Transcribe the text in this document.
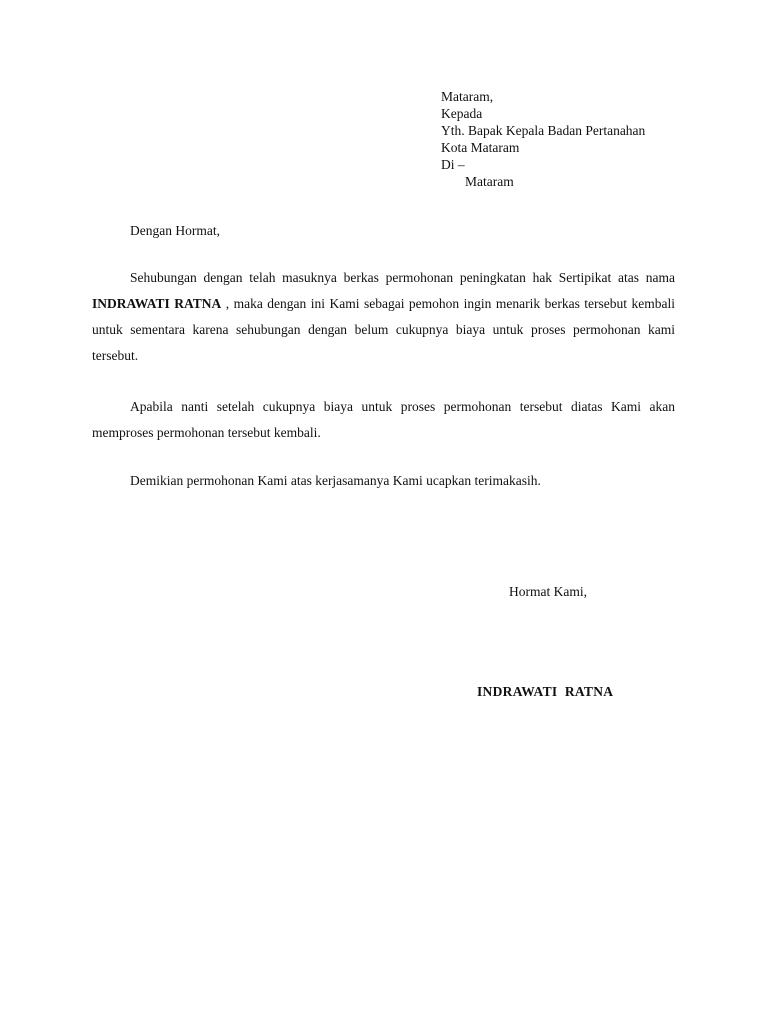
Mataram,
Kepada
Yth. Bapak Kepala Badan Pertanahan
Kota Mataram
Di –
Mataram

Dengan Hormat,

Sehubungan dengan telah masuknya berkas permohonan peningkatan hak Sertipikat atas nama INDRAWATI RATNA , maka dengan ini Kami sebagai pemohon ingin menarik berkas tersebut kembali untuk sementara karena sehubungan dengan belum cukupnya biaya untuk proses permohonan kami tersebut.

Apabila nanti setelah cukupnya biaya untuk proses permohonan tersebut diatas Kami akan memproses permohonan tersebut kembali.

Demikian permohonan Kami atas kerjasamanya Kami ucapkan terimakasih.

Hormat Kami,
INDRAWATI  RATNA
